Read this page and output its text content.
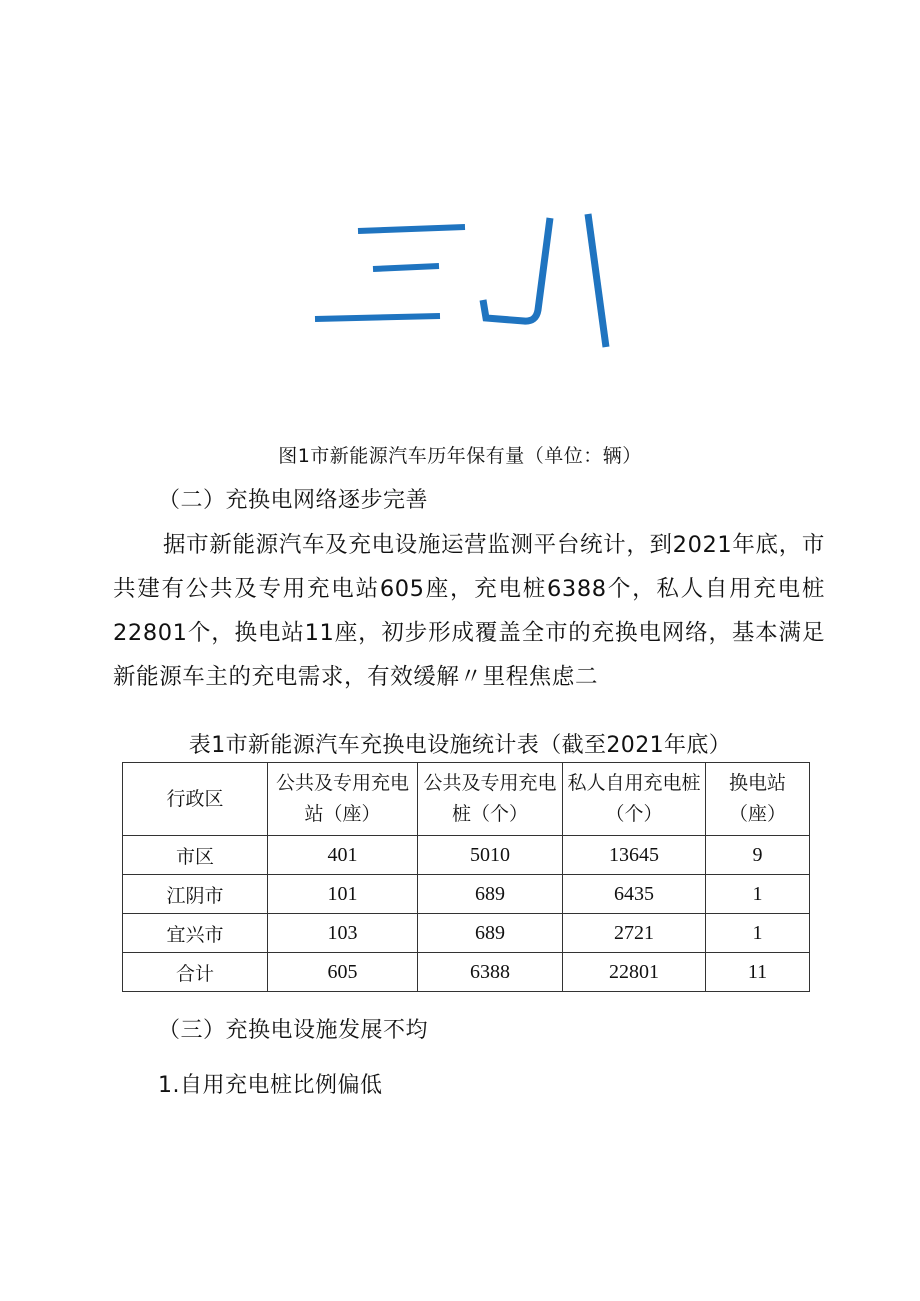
图1市新能源汽车历年保有量（单位：辆）
（二）充换电网络逐步完善
据市新能源汽车及充电设施运营监测平台统计，到2021年底，市共建有公共及专用充电站605座，充电桩6388个，私人自用充电桩22801个，换电站11座，初步形成覆盖全市的充换电网络，基本满足新能源车主的充电需求，有效缓解〃里程焦虑二
表1市新能源汽车充换电设施统计表（截至2021年底）
行政区	公共及专用充电站（座）	公共及专用充电桩（个）	私人自用充电桩（个）	换电站（座）
市区	401	5010	13645	9
江阴市	101	689	6435	1
宜兴市	103	689	2721	1
合计	605	6388	22801	11
（三）充换电设施发展不均
1.自用充电桩比例偏低
